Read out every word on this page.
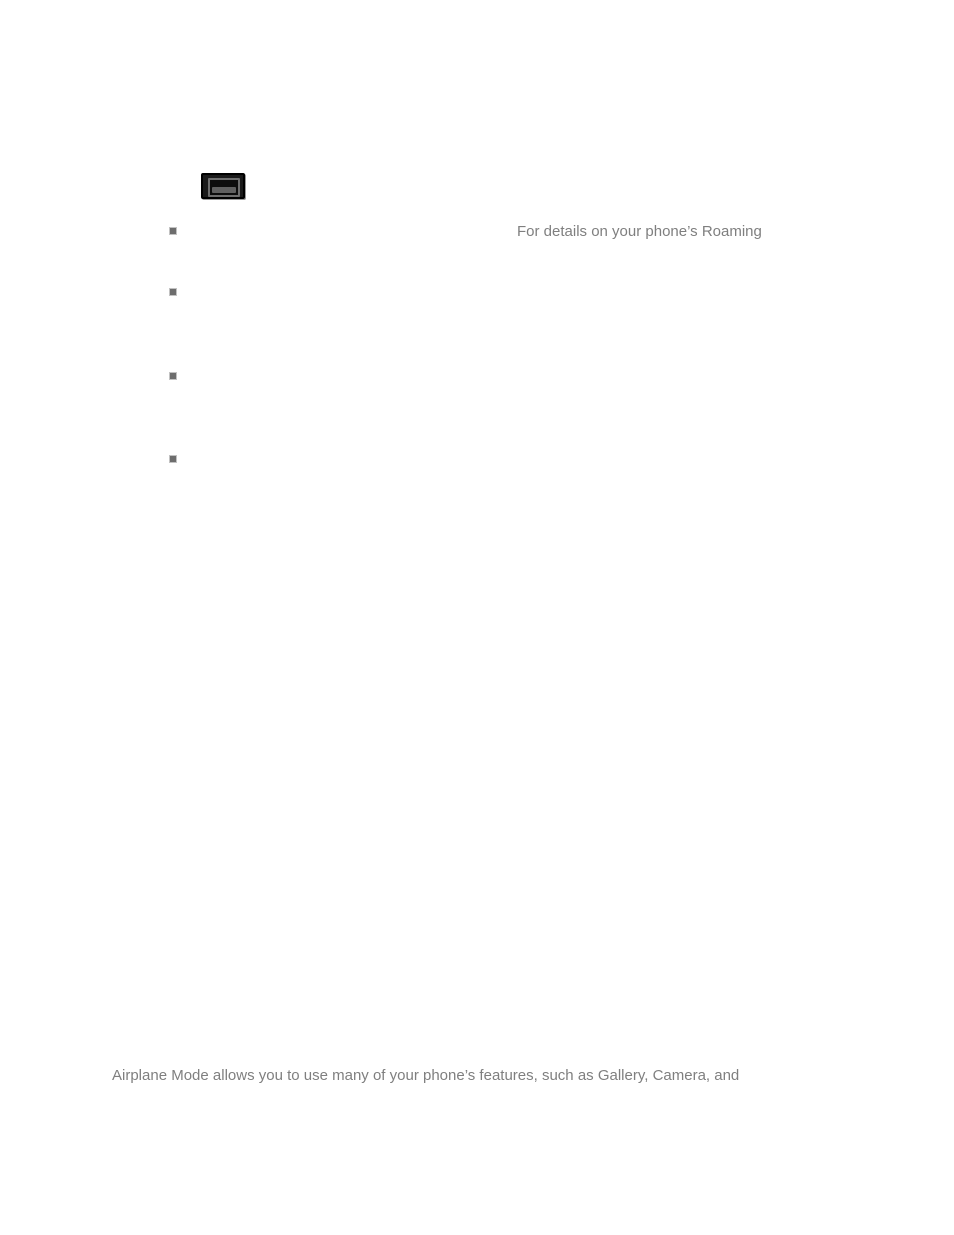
For details on your phone’s Roaming
Airplane Mode allows you to use many of your phone’s features, such as Gallery, Camera, and
